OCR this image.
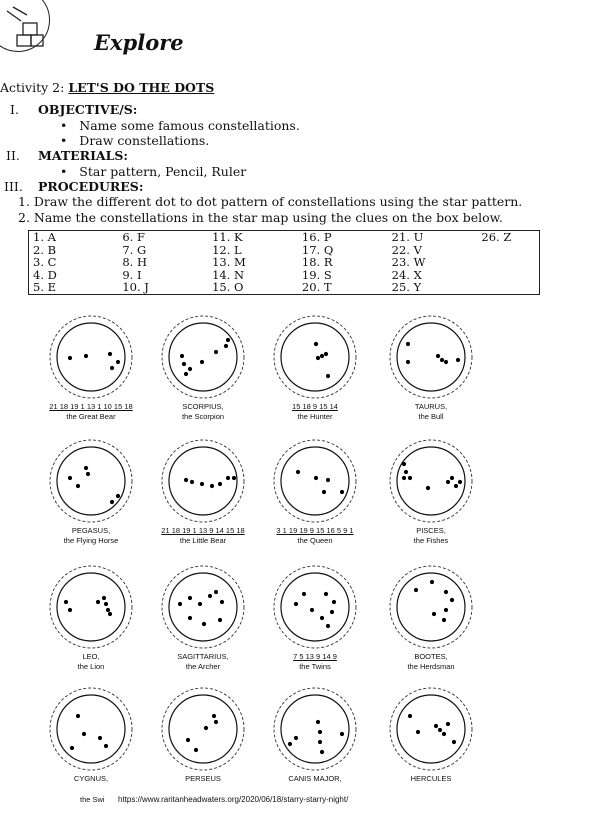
Explore
Activity 2: LET'S DO THE DOTS
I. OBJECTIVE/S:
•   Name some famous constellations.
•   Draw constellations.
II. MATERIALS:
•   Star pattern, Pencil, Ruler
III. PROCEDURES:
1. Draw the different dot to dot pattern of constellations using the star pattern.
2. Name the constellations in the star map using the clues on the box below.
1. A	6. F	11. K	16. P	21. U	26. Z
2. B	7. G	12. L	17. Q	22. V	
3. C	8. H	13. M	18. R	23. W	
4. D	9. I	14. N	19. S	24. X	
5. E	10. J	15. O	20. T	25. Y	
21 18 19 1 13 1 10 15 18
the Great Bear
SCORPIUS,
the Scorpion
15 18 9 15 14
the Hunter
TAURUS,
the Bull
PEGASUS,
the Flying Horse
21 18 19 1 13 9 14 15 18
the Little Bear
3 1 19 19 9 15 16 5 9 1
the Queen
PISCES,
the Fishes
LEO,
the Lion
SAGITTARIUS,
the Archer
7 5 13 9 14 9
the Twins
BOOTES,
the Herdsman
CYGNUS,	PERSEUS	CANIS MAJOR,	HERCULES
the Swi https://www.raritanheadwaters.org/2020/06/18/starry-starry-night/
